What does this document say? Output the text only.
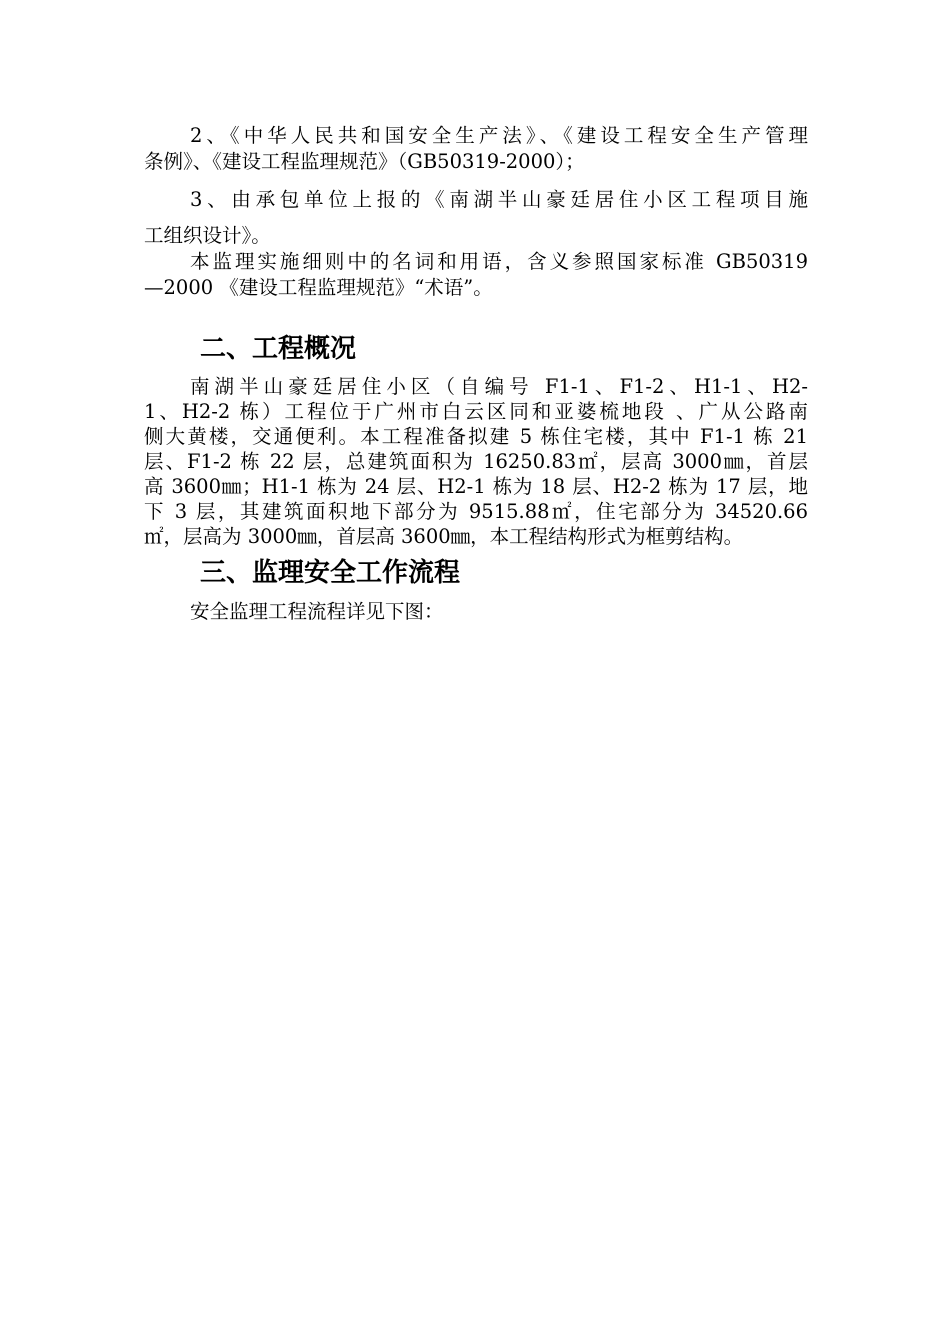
2、《中华人民共和国安全生产法》、《建设工程安全生产管理
条例》、《建设工程监理规范》（GB50319-2000）；
3、由承包单位上报的《南湖半山豪廷居住小区工程项目施
工组织设计》。
本监理实施细则中的名词和用语，含义参照国家标准 GB50319
—2000 《建设工程监理规范》“术语”。
二、工程概况
南湖半山豪廷居住小区（自编号 F1-1、F1-2、H1-1、H2-
1、H2-2 栋）工程位于广州市白云区同和亚婆梳地段 、广从公路南
侧大黄楼，交通便利。本工程准备拟建 5 栋住宅楼，其中 F1-1 栋 21
层、F1-2 栋 22 层，总建筑面积为 16250.83㎡，层高 3000㎜，首层
高 3600㎜；H1-1 栋为 24 层、H2-1 栋为 18 层、H2-2 栋为 17 层，地
下 3 层，其建筑面积地下部分为 9515.88㎡，住宅部分为 34520.66
㎡，层高为 3000㎜，首层高 3600㎜，本工程结构形式为框剪结构。
三、监理安全工作流程
安全监理工程流程详见下图：
